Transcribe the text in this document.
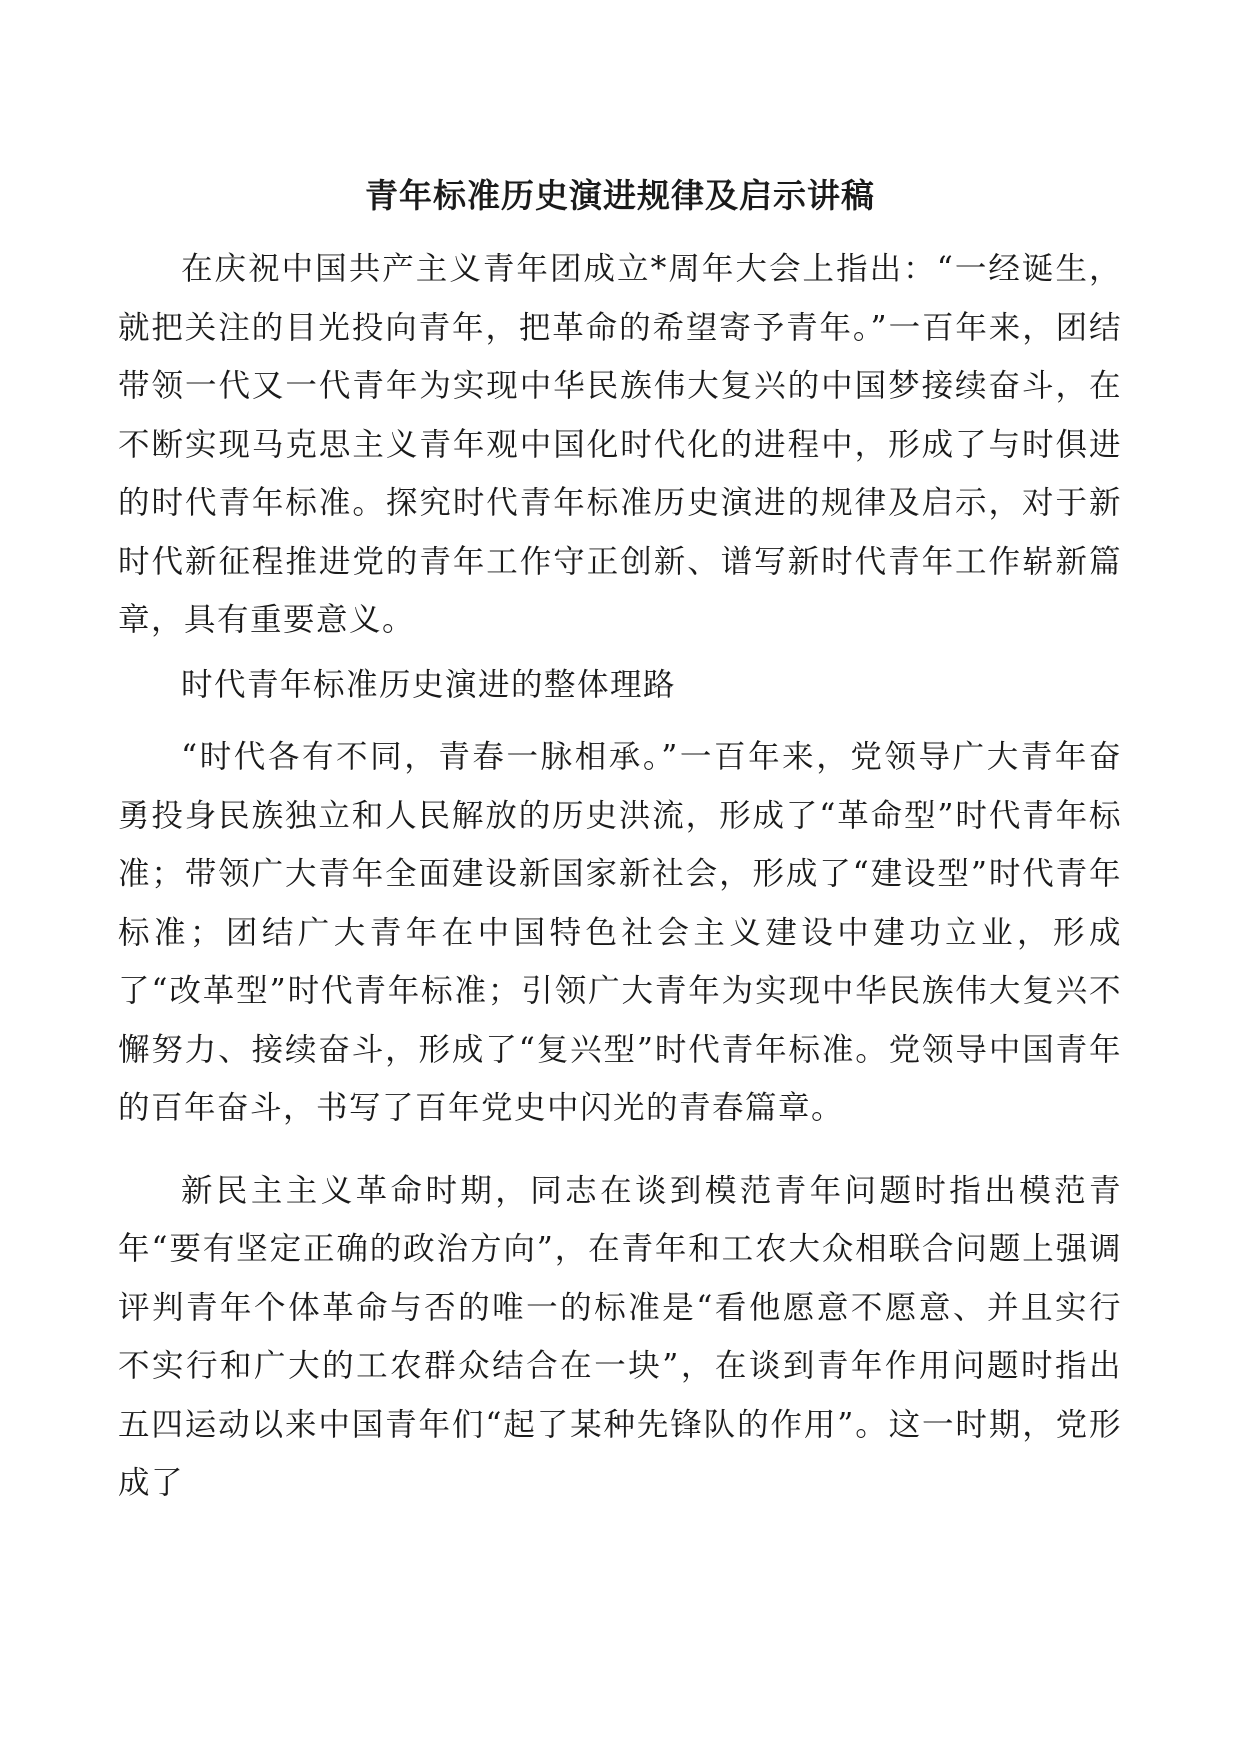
青年标准历史演进规律及启示讲稿

在庆祝中国共产主义青年团成立*周年大会上指出：“一经诞生，就把关注的目光投向青年，把革命的希望寄予青年。”一百年来，团结带领一代又一代青年为实现中华民族伟大复兴的中国梦接续奋斗，在不断实现马克思主义青年观中国化时代化的进程中，形成了与时俱进的时代青年标准。探究时代青年标准历史演进的规律及启示，对于新时代新征程推进党的青年工作守正创新、谱写新时代青年工作崭新篇章，具有重要意义。

时代青年标准历史演进的整体理路

“时代各有不同，青春一脉相承。”一百年来，党领导广大青年奋勇投身民族独立和人民解放的历史洪流，形成了“革命型”时代青年标准；带领广大青年全面建设新国家新社会，形成了“建设型”时代青年标准；团结广大青年在中国特色社会主义建设中建功立业，形成了“改革型”时代青年标准；引领广大青年为实现中华民族伟大复兴不懈努力、接续奋斗，形成了“复兴型”时代青年标准。党领导中国青年的百年奋斗，书写了百年党史中闪光的青春篇章。

新民主主义革命时期，同志在谈到模范青年问题时指出模范青年“要有坚定正确的政治方向”，在青年和工农大众相联合问题上强调评判青年个体革命与否的唯一的标准是“看他愿意不愿意、并且实行不实行和广大的工农群众结合在一块”，在谈到青年作用问题时指出五四运动以来中国青年们“起了某种先锋队的作用”。这一时期，党形成了
